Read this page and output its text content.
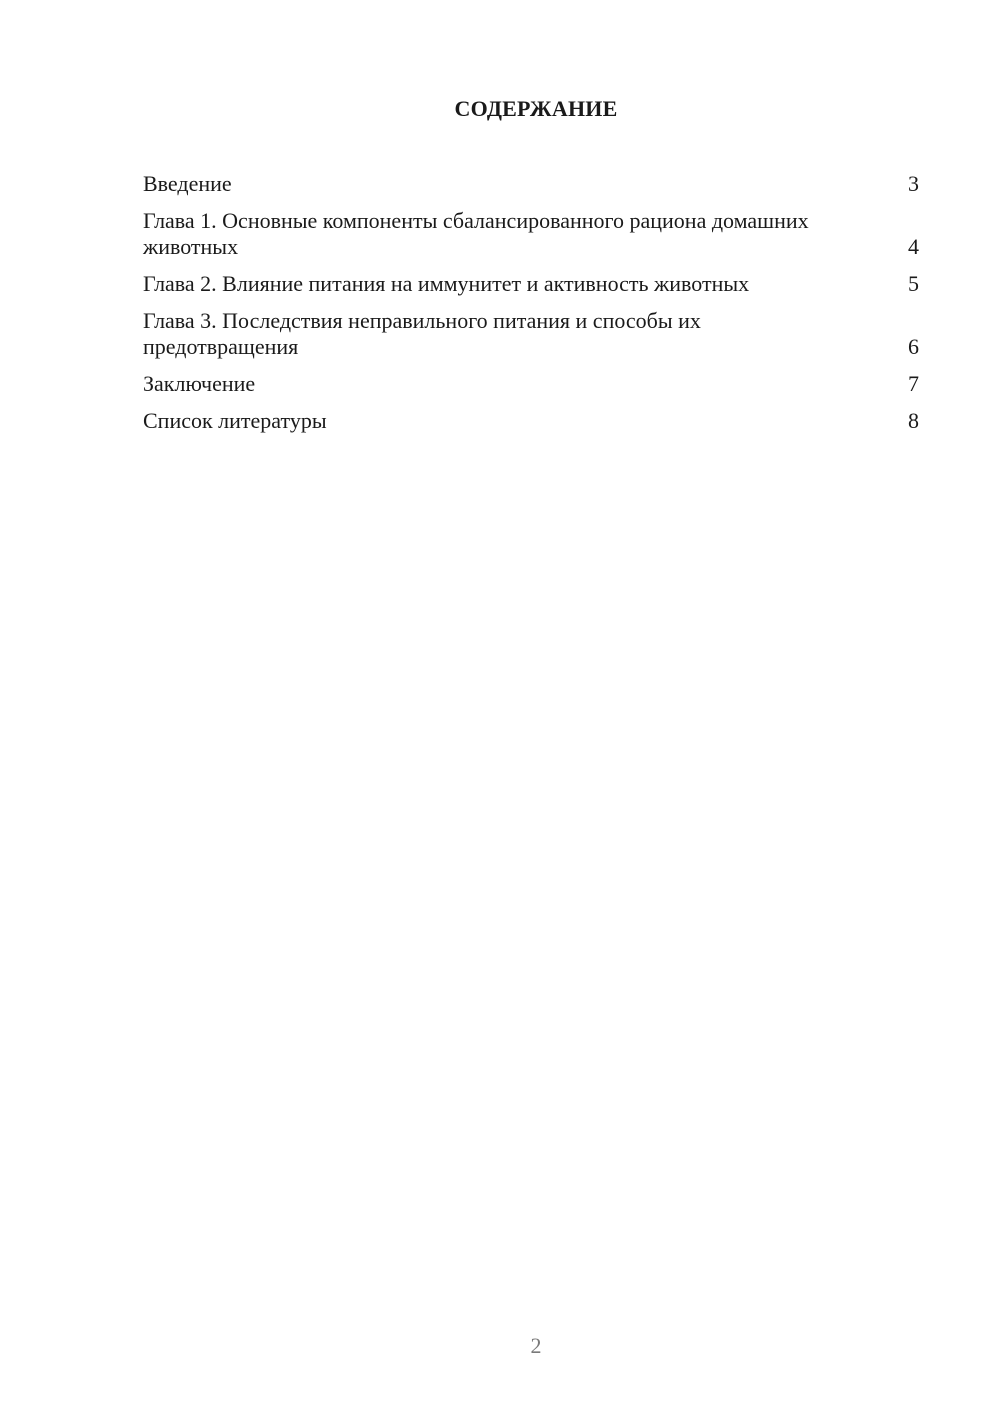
СОДЕРЖАНИЕ
Введение	3
Глава 1. Основные компоненты сбалансированного рациона домашних животных	4
Глава 2. Влияние питания на иммунитет и активность животных	5
Глава 3. Последствия неправильного питания и способы их предотвращения	6
Заключение	7
Список литературы	8
2
